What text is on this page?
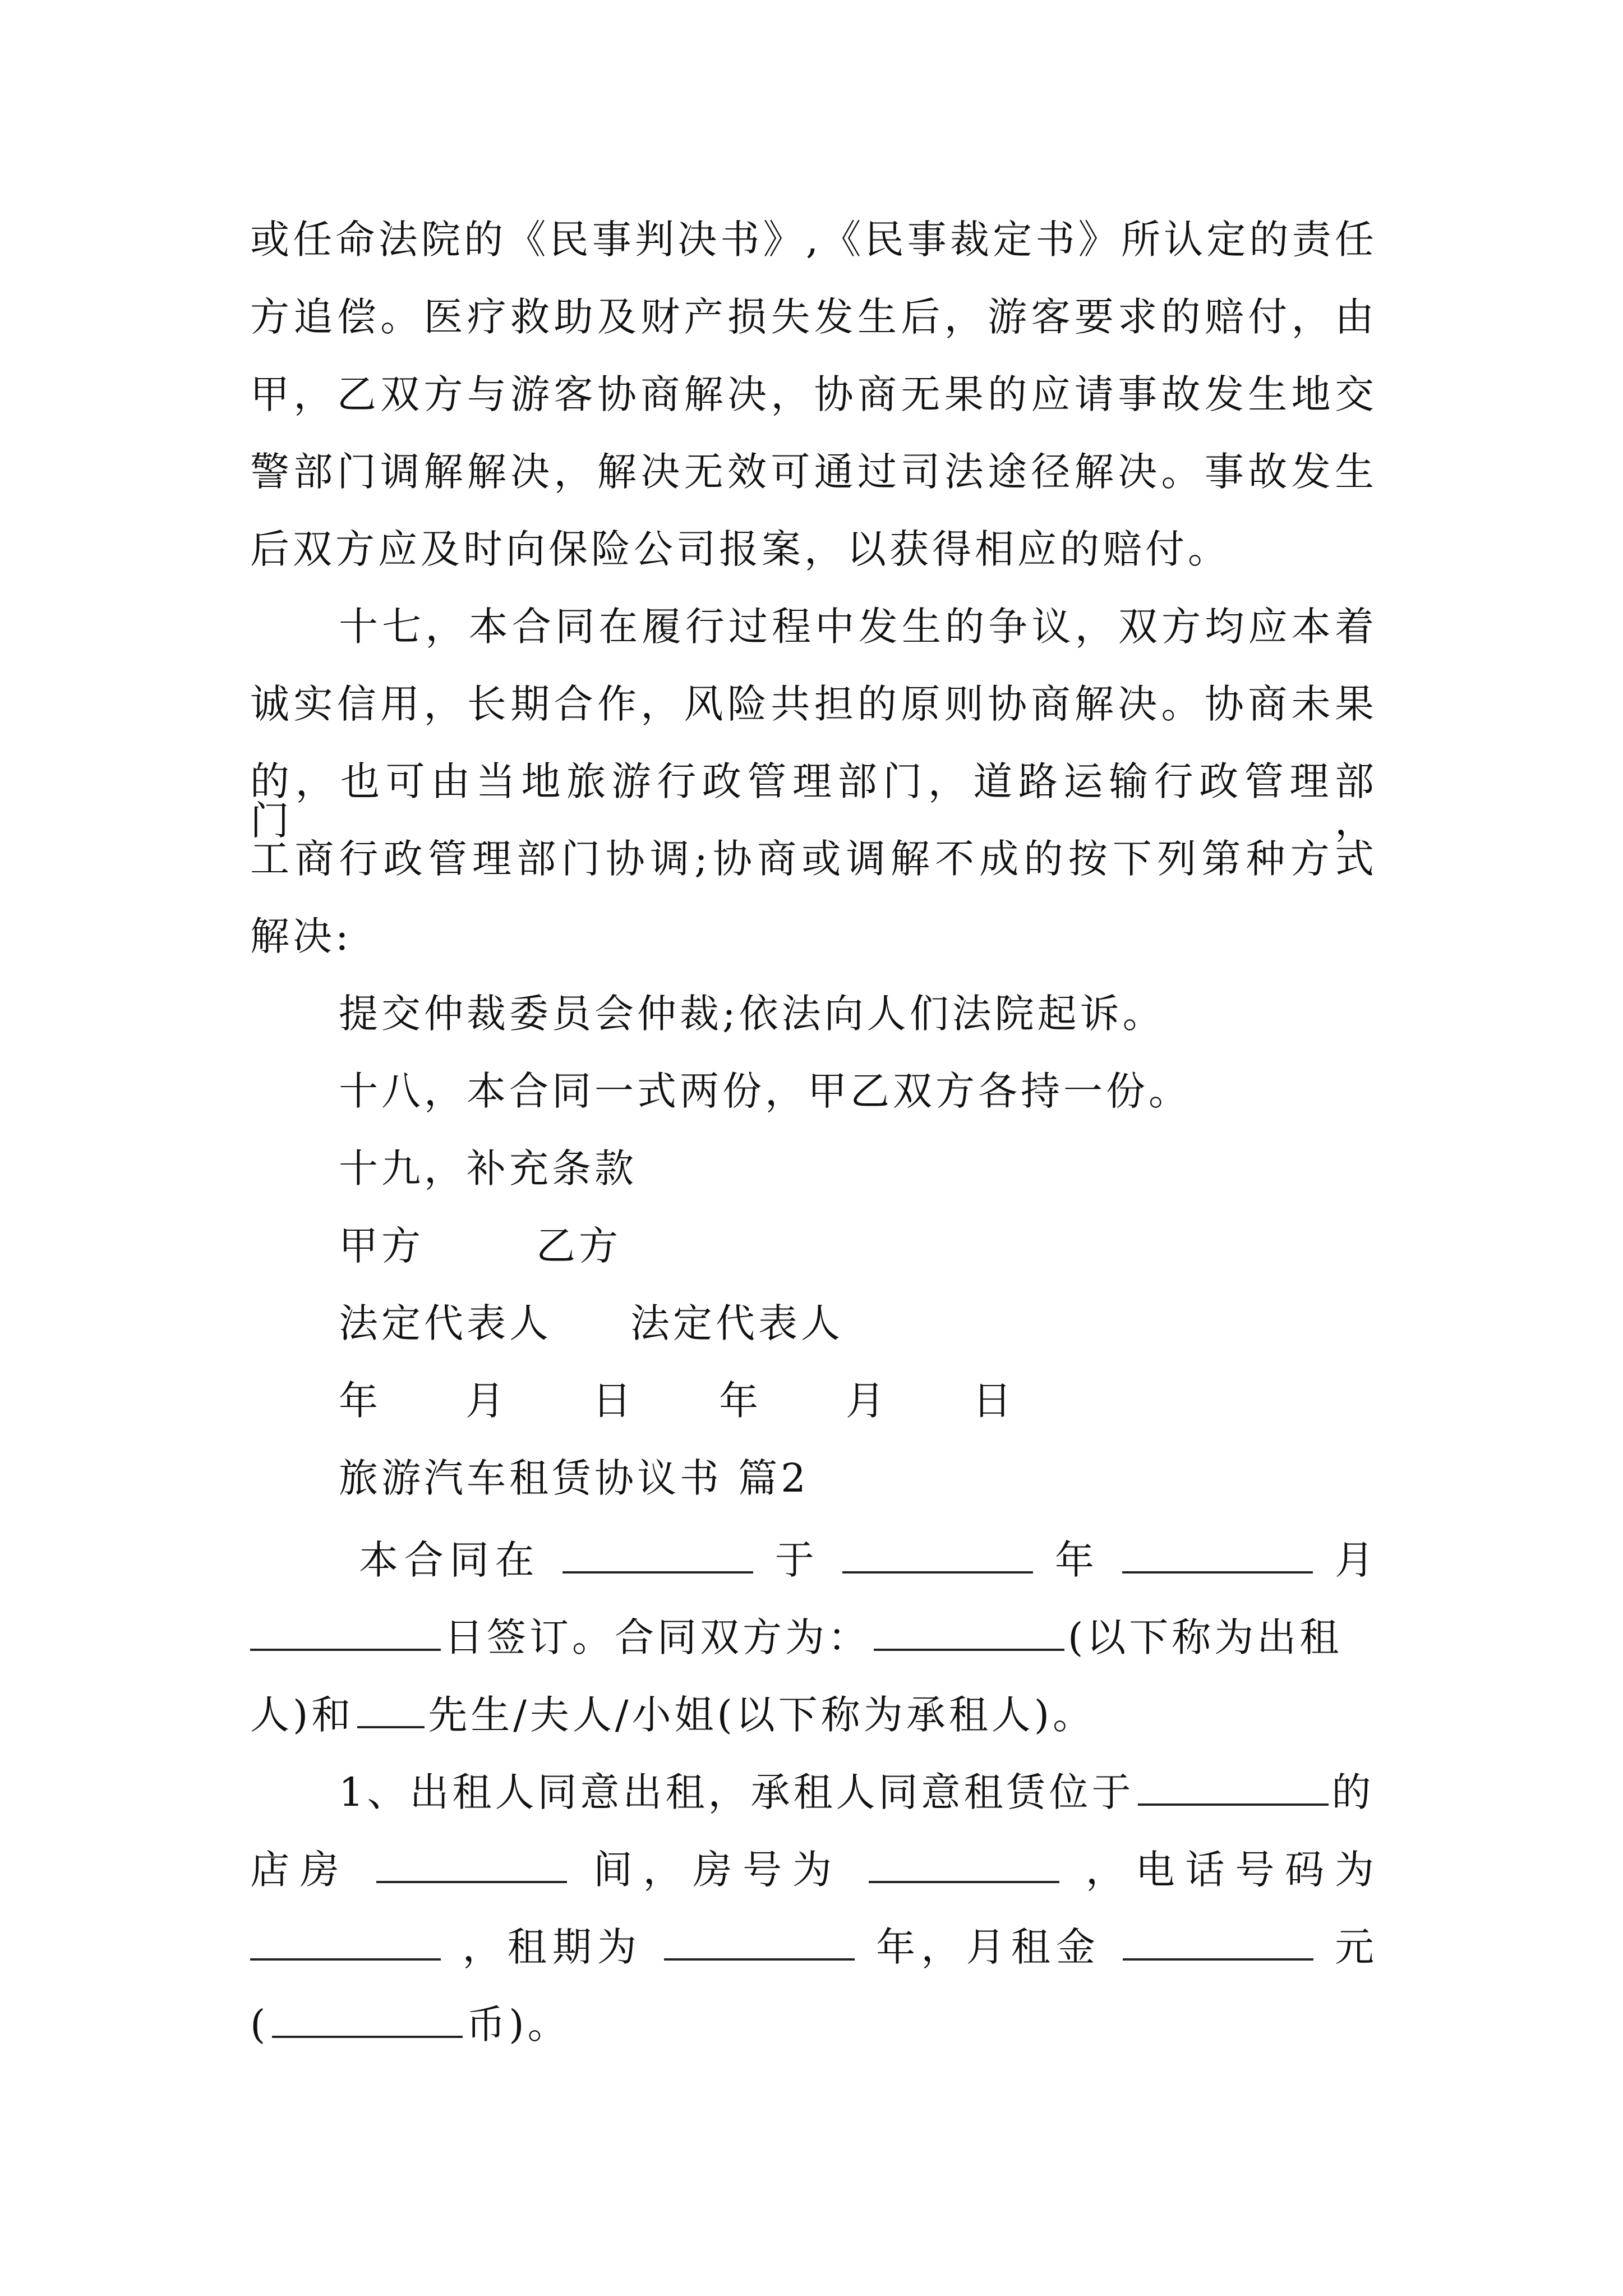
或任命法院的《民事判决书》,《民事裁定书》所认定的责任
方追偿。医疗救助及财产损失发生后，游客要求的赔付，由
甲，乙双方与游客协商解决，协商无果的应请事故发生地交
警部门调解解决，解决无效可通过司法途径解决。事故发生
后双方应及时向保险公司报案，以获得相应的赔付。
十七，本合同在履行过程中发生的争议，双方均应本着
诚实信用，长期合作，风险共担的原则协商解决。协商未果
的，也可由当地旅游行政管理部门，道路运输行政管理部门，
工商行政管理部门协调;协商或调解不成的按下列第种方式
解决:
提交仲裁委员会仲裁;依法向人们法院起诉。
十八，本合同一式两份，甲乙双方各持一份。
十九，补充条款
甲方	乙方
法定代表人 法定代表人
年 月 日 年 月 日
旅游汽车租赁协议书 篇2
本合同在	于	年	月
日签订。合同双方为：	(以下称为出租
人)和 先生/夫人/小姐(以下称为承租人)。
1、出租人同意出租，承租人同意租赁位于	的
店房	间，房号为	，电话号码为
，租期为	年，月租金	元
(	币)。
